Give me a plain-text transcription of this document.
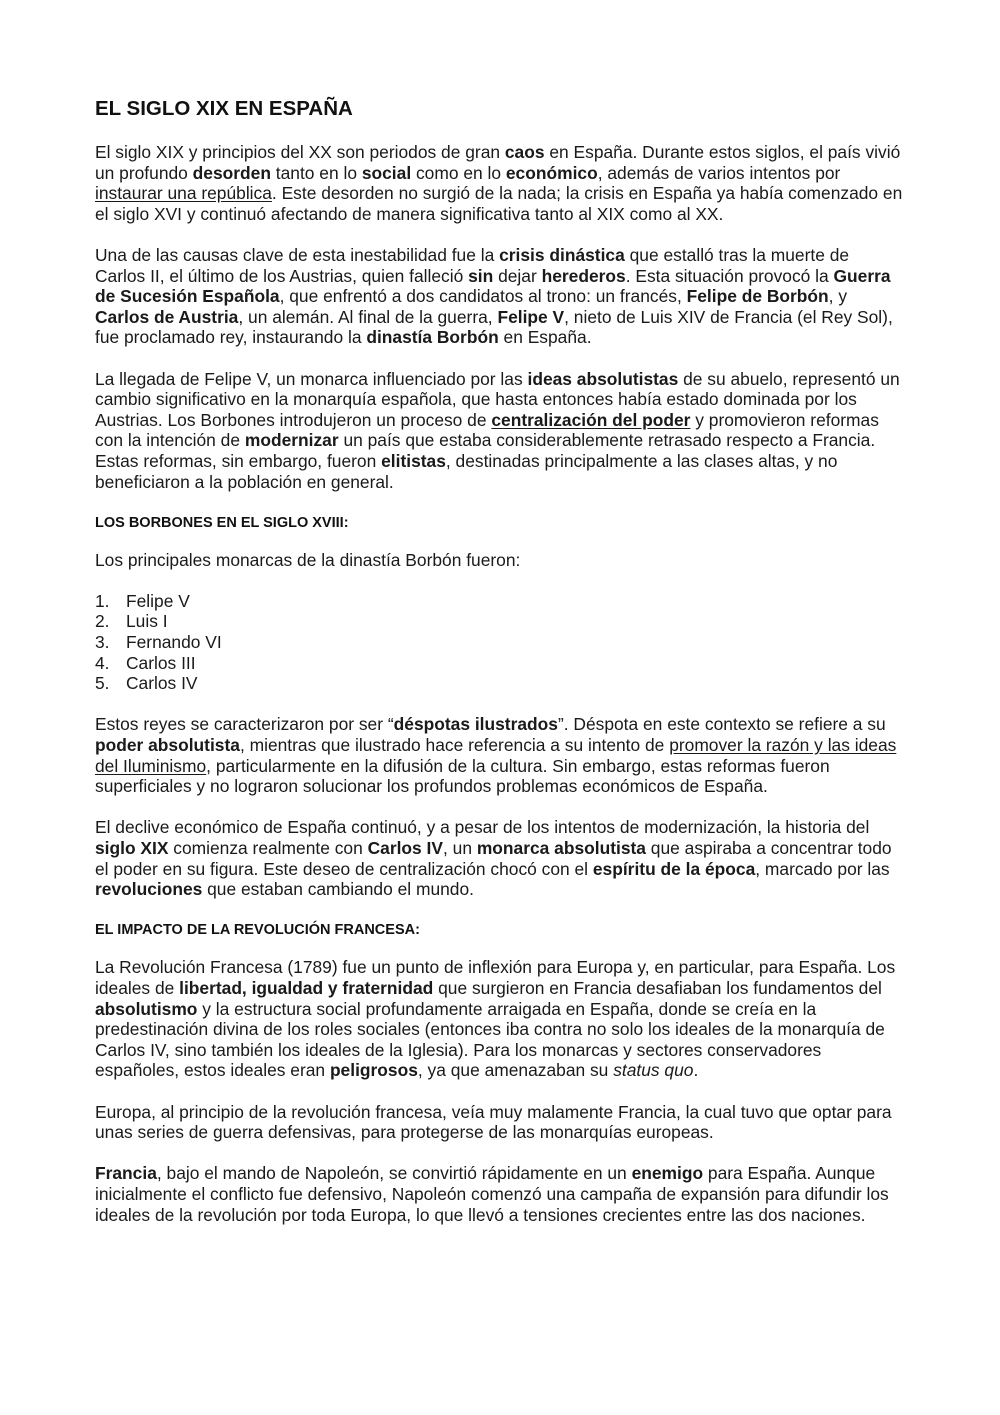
EL SIGLO XIX EN ESPAÑA

El siglo XIX y principios del XX son periodos de gran caos en España. Durante estos siglos, el país vivió un profundo desorden tanto en lo social como en lo económico, además de varios intentos por instaurar una república. Este desorden no surgió de la nada; la crisis en España ya había comenzado en el siglo XVI y continuó afectando de manera significativa tanto al XIX como al XX.

Una de las causas clave de esta inestabilidad fue la crisis dinástica que estalló tras la muerte de Carlos II, el último de los Austrias, quien falleció sin dejar herederos. Esta situación provocó la Guerra de Sucesión Española, que enfrentó a dos candidatos al trono: un francés, Felipe de Borbón, y Carlos de Austria, un alemán. Al final de la guerra, Felipe V, nieto de Luis XIV de Francia (el Rey Sol), fue proclamado rey, instaurando la dinastía Borbón en España.

La llegada de Felipe V, un monarca influenciado por las ideas absolutistas de su abuelo, representó un cambio significativo en la monarquía española, que hasta entonces había estado dominada por los Austrias. Los Borbones introdujeron un proceso de centralización del poder y promovieron reformas con la intención de modernizar un país que estaba considerablemente retrasado respecto a Francia. Estas reformas, sin embargo, fueron elitistas, destinadas principalmente a las clases altas, y no beneficiaron a la población en general.

LOS BORBONES EN EL SIGLO XVIII:

Los principales monarcas de la dinastía Borbón fueron:

1. Felipe V
2. Luis I
3. Fernando VI
4. Carlos III
5. Carlos IV

Estos reyes se caracterizaron por ser “déspotas ilustrados”. Déspota en este contexto se refiere a su poder absolutista, mientras que ilustrado hace referencia a su intento de promover la razón y las ideas del Iluminismo, particularmente en la difusión de la cultura. Sin embargo, estas reformas fueron superficiales y no lograron solucionar los profundos problemas económicos de España.

El declive económico de España continuó, y a pesar de los intentos de modernización, la historia del siglo XIX comienza realmente con Carlos IV, un monarca absolutista que aspiraba a concentrar todo el poder en su figura. Este deseo de centralización chocó con el espíritu de la época, marcado por las revoluciones que estaban cambiando el mundo.

EL IMPACTO DE LA REVOLUCIÓN FRANCESA:

La Revolución Francesa (1789) fue un punto de inflexión para Europa y, en particular, para España. Los ideales de libertad, igualdad y fraternidad que surgieron en Francia desafiaban los fundamentos del absolutismo y la estructura social profundamente arraigada en España, donde se creía en la predestinación divina de los roles sociales (entonces iba contra no solo los ideales de la monarquía de Carlos IV, sino también los ideales de la Iglesia). Para los monarcas y sectores conservadores españoles, estos ideales eran peligrosos, ya que amenazaban su status quo.

Europa, al principio de la revolución francesa, veía muy malamente Francia, la cual tuvo que optar para unas series de guerra defensivas, para protegerse de las monarquías europeas.

Francia, bajo el mando de Napoleón, se convirtió rápidamente en un enemigo para España. Aunque inicialmente el conflicto fue defensivo, Napoleón comenzó una campaña de expansión para difundir los ideales de la revolución por toda Europa, lo que llevó a tensiones crecientes entre las dos naciones.
